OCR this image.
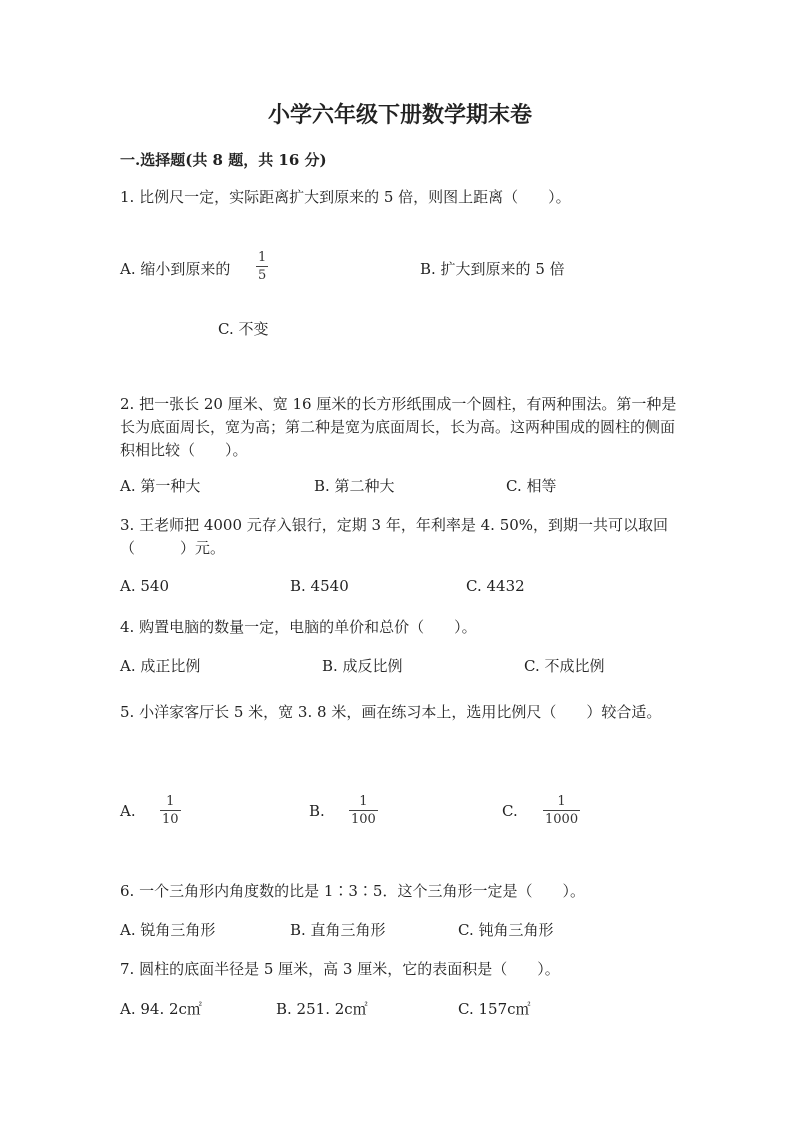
小学六年级下册数学期末卷
一.选择题(共 8 题，共 16 分)
1. 比例尺一定，实际距离扩大到原来的 5 倍，则图上距离（　　）。
A. 缩小到原来的
1
5	B. 扩大到原来的 5 倍
C. 不变
2. 把一张长 20 厘米、宽 16 厘米的长方形纸围成一个圆柱，有两种围法。第一种是长为底面周长，宽为高；第二种是宽为底面周长，长为高。这两种围成的圆柱的侧面积相比较（　　）。
A. 第一种大	B. 第二种大	C. 相等
3. 王老师把 4000 元存入银行，定期 3 年，年利率是 4. 50%，到期一共可以取回（　　　）元。
A. 540	B. 4540	C. 4432
4. 购置电脑的数量一定，电脑的单价和总价（　　）。
A. 成正比例	B. 成反比例	C. 不成比例
5. 小洋家客厅长 5 米，宽 3. 8 米，画在练习本上，选用比例尺（　　）较合适。
A.
1
10	B.
1
100	C.
1
1000
6. 一个三角形内角度数的比是 1∶3∶5．这个三角形一定是（　　）。
A. 锐角三角形	B. 直角三角形	C. 钝角三角形
7. 圆柱的底面半径是 5 厘米，高 3 厘米，它的表面积是（　　）。
A. 94. 2c㎡	B. 251. 2c㎡	C. 157c㎡
